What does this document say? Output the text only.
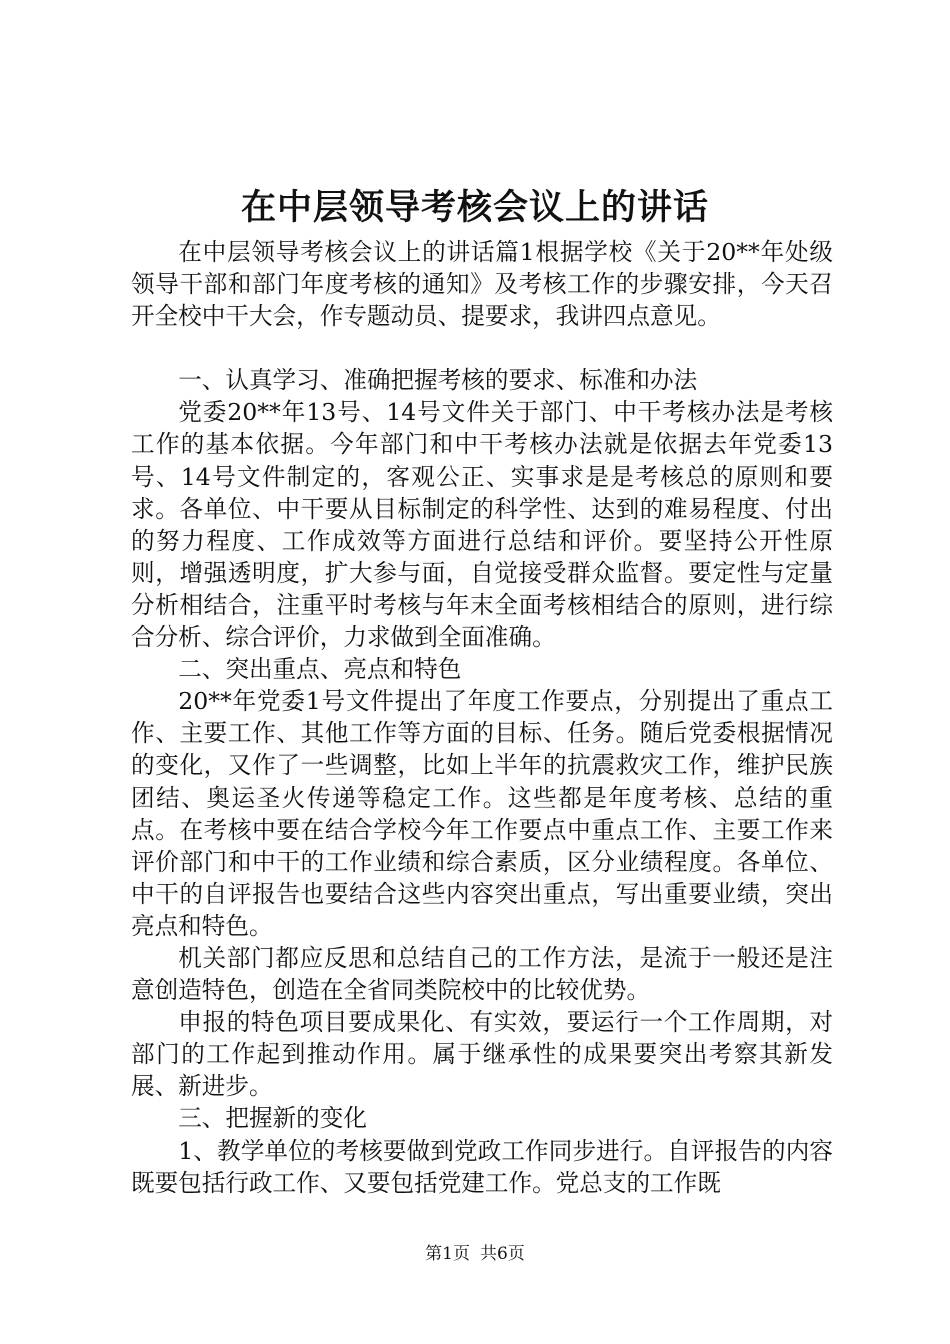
在中层领导考核会议上的讲话

在中层领导考核会议上的讲话篇1根据学校《关于20**年处级领导干部和部门年度考核的通知》及考核工作的步骤安排，今天召开全校中干大会，作专题动员、提要求，我讲四点意见。

一、认真学习、准确把握考核的要求、标准和办法

党委20**年13号、14号文件关于部门、中干考核办法是考核工作的基本依据。今年部门和中干考核办法就是依据去年党委13号、14号文件制定的，客观公正、实事求是是考核总的原则和要求。各单位、中干要从目标制定的科学性、达到的难易程度、付出的努力程度、工作成效等方面进行总结和评价。要坚持公开性原则，增强透明度，扩大参与面，自觉接受群众监督。要定性与定量分析相结合，注重平时考核与年末全面考核相结合的原则，进行综合分析、综合评价，力求做到全面准确。

二、突出重点、亮点和特色

20**年党委1号文件提出了年度工作要点，分别提出了重点工作、主要工作、其他工作等方面的目标、任务。随后党委根据情况的变化，又作了一些调整，比如上半年的抗震救灾工作，维护民族团结、奥运圣火传递等稳定工作。这些都是年度考核、总结的重点。在考核中要在结合学校今年工作要点中重点工作、主要工作来评价部门和中干的工作业绩和综合素质，区分业绩程度。各单位、中干的自评报告也要结合这些内容突出重点，写出重要业绩，突出亮点和特色。

机关部门都应反思和总结自己的工作方法，是流于一般还是注意创造特色，创造在全省同类院校中的比较优势。

申报的特色项目要成果化、有实效，要运行一个工作周期，对部门的工作起到推动作用。属于继承性的成果要突出考察其新发展、新进步。

三、把握新的变化

1、教学单位的考核要做到党政工作同步进行。自评报告的内容既要包括行政工作、又要包括党建工作。党总支的工作既

第1页 共6页
